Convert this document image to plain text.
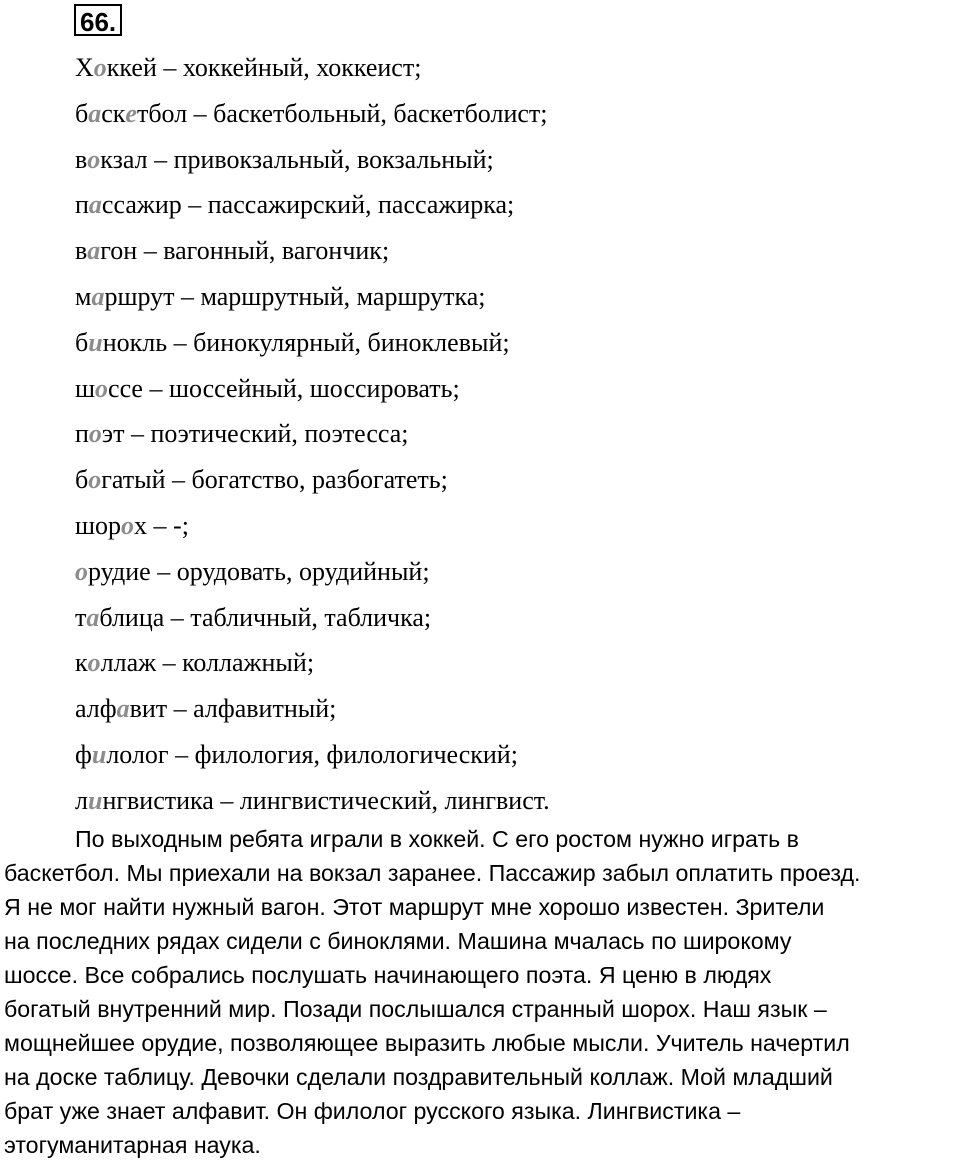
66.
Хоккей – хоккейный, хоккеист;
баскетбол – баскетбольный, баскетболист;
вокзал – привокзальный, вокзальный;
пассажир – пассажирский, пассажирка;
вагон – вагонный, вагончик;
маршрут – маршрутный, маршрутка;
бинокль – бинокулярный, биноклевый;
шоссе – шоссейный, шоссировать;
поэт – поэтический, поэтесса;
богатый – богатство, разбогатеть;
шорох – -;
орудие – орудовать, орудийный;
таблица – табличный, табличка;
коллаж – коллажный;
алфавит – алфавитный;
филолог – филология, филологический;
лингвистика – лингвистический, лингвист.
По выходным ребята играли в хоккей. С его ростом нужно играть в
баскетбол. Мы приехали на вокзал заранее. Пассажир забыл оплатить проезд.
Я не мог найти нужный вагон. Этот маршрут мне хорошо известен. Зрители
на последних рядах сидели с биноклями. Машина мчалась по широкому
шоссе. Все собрались послушать начинающего поэта. Я ценю в людях
богатый внутренний мир. Позади послышался странный шорох. Наш язык –
мощнейшее орудие, позволяющее выразить любые мысли. Учитель начертил
на доске таблицу. Девочки сделали поздравительный коллаж. Мой младший
брат уже знает алфавит. Он филолог русского языка. Лингвистика –
этогуманитарная наука.
